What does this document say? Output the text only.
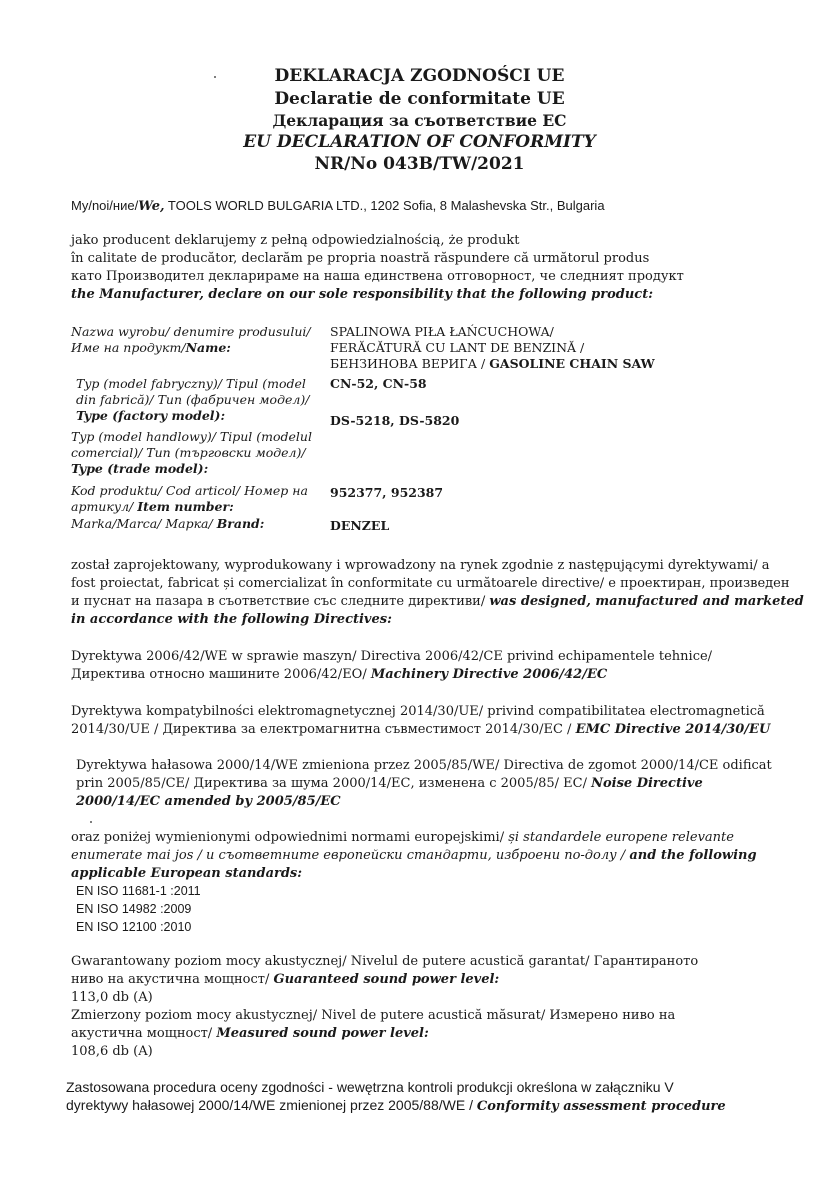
DEKLARACJA ZGODNOŚCI UE
Declaratie de conformitate UE
Декларация за съответствие ЕС
EU DECLARATION OF CONFORMITY
NR/No 043B/TW/2021
My/noi/ние/We, TOOLS WORLD BULGARIA LTD., 1202 Sofia, 8 Malashevska Str., Bulgaria
jako producent deklarujemy z pełną odpowiedzialnością, że produkt
în calitate de producător, declarăm pe propria noastră răspundere că următorul produs
като Производител декларираме на наша единствена отговорност, че следният продукт
the Manufacturer, declare on our sole responsibility that the following product:
Nazwa wyrobu/ denumire produsului/
Име на продукт/Name:
Typ (model fabryczny)/ Tipul (model
din fabrică)/ Тип (фабричен модел)/
Type (factory model):
Typ (model handlowy)/ Tipul (modelul
comercial)/ Тип (търговски модел)/
Type (trade model):
Kod produktu/ Cod articol/ Номер на
артикул/ Item number:
Marka/Marca/ Марка/ Brand:
SPALINOWA PIŁA ŁAŃCUCHOWA/
FERĂCĂTURĂ CU LANT DE BENZINĂ /
БЕНЗИНОВА ВЕРИГА / GASOLINE CHAIN SAW
CN-52, CN-58
DS-5218, DS-5820
952377, 952387
DENZEL
został zaprojektowany, wyprodukowany i wprowadzony na rynek zgodnie z następującymi dyrektywami/ a
fost proiectat, fabricat și comercializat în conformitate cu următoarele directive/ е проектиран, произведен
и пуснат на пазара в съответствие със следните директиви/ was designed, manufactured and marketed
in accordance with the following Directives:
Dyrektywa 2006/42/WE w sprawie maszyn/ Directiva 2006/42/CE privind echipamentele tehnice/
Директива относно машините 2006/42/ЕО/ Machinery Directive 2006/42/EC
Dyrektywa kompatybilności elektromagnetycznej 2014/30/UE/ privind compatibilitatea electromagnetică
2014/30/UE / Директива за електромагнитна съвместимост 2014/30/ЕС / EMC Directive 2014/30/EU
Dyrektywa hałasowa 2000/14/WE zmieniona przez 2005/85/WE/ Directiva de zgomot 2000/14/CE odificat
prin 2005/85/CE/ Директива за шума 2000/14/ЕС, изменена с 2005/85/ ЕС/ Noise Directive
2000/14/EC amended by 2005/85/EC
oraz poniżej wymienionymi odpowiednimi normami europejskimi/ și standardele europene relevante
enumerate mai jos / и съответните европейски стандарти, изброени по-долу / and the following
applicable European standards:
EN ISO 11681-1 :2011
EN ISO 14982 :2009
EN ISO 12100 :2010
Gwarantowany poziom mocy akustycznej/ Nivelul de putere acustică garantat/ Гарантираното
ниво на акустична мощност/ Guaranteed sound power level:
113,0 db (A)
Zmierzony poziom mocy akustycznej/ Nivel de putere acustică măsurat/ Измерено ниво на
акустична мощност/ Measured sound power level:
108,6 db (A)
Zastosowana procedura oceny zgodności - wewętrzna kontroli produkcji określona w załączniku V
dyrektywy hałasowej 2000/14/WE zmienionej przez 2005/88/WE / Conformity assessment procedure
